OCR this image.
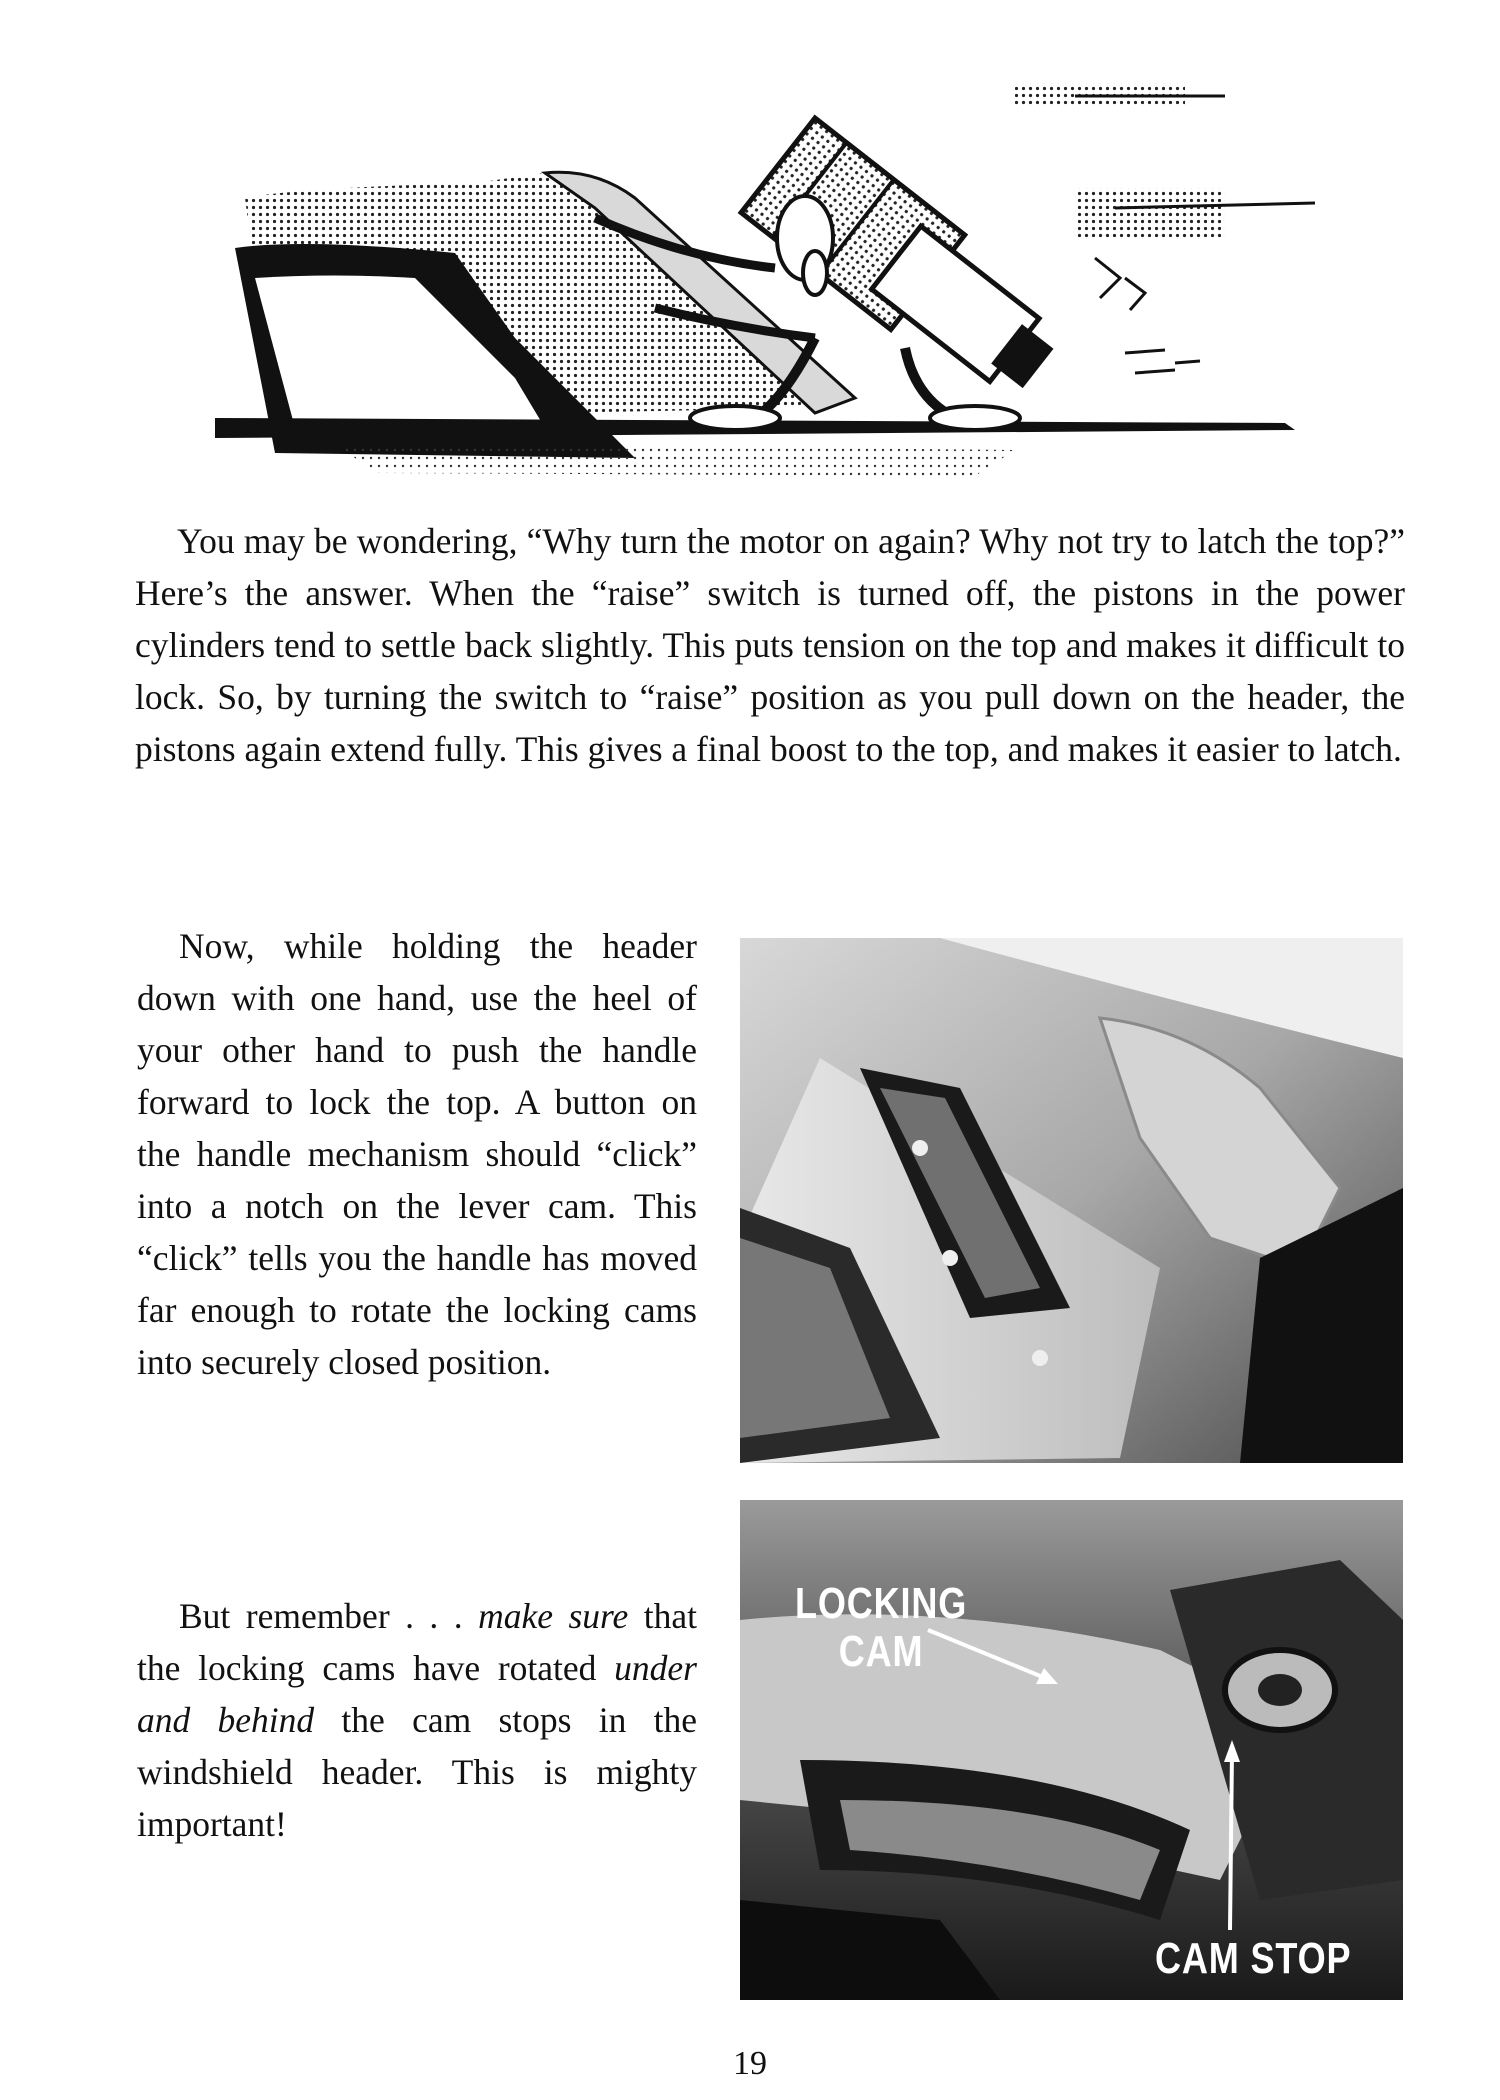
You may be wondering, “Why turn the motor on again? Why not try to latch the top?” Here’s the answer. When the “raise” switch is turned off, the pistons in the power cylinders tend to settle back slightly. This puts tension on the top and makes it difficult to lock. So, by turning the switch to “raise” position as you pull down on the header, the pistons again extend fully. This gives a final boost to the top, and makes it easier to latch.

Now, while holding the header down with one hand, use the heel of your other hand to push the handle forward to lock the top. A button on the handle mechanism should “click” into a notch on the lever cam. This “click” tells you the handle has moved far enough to rotate the locking cams into securely closed position.

But remember . . . make sure that the locking cams have rotated under and behind the cam stops in the windshield header. This is mighty important!

LOCKING
CAM
CAM STOP
19
